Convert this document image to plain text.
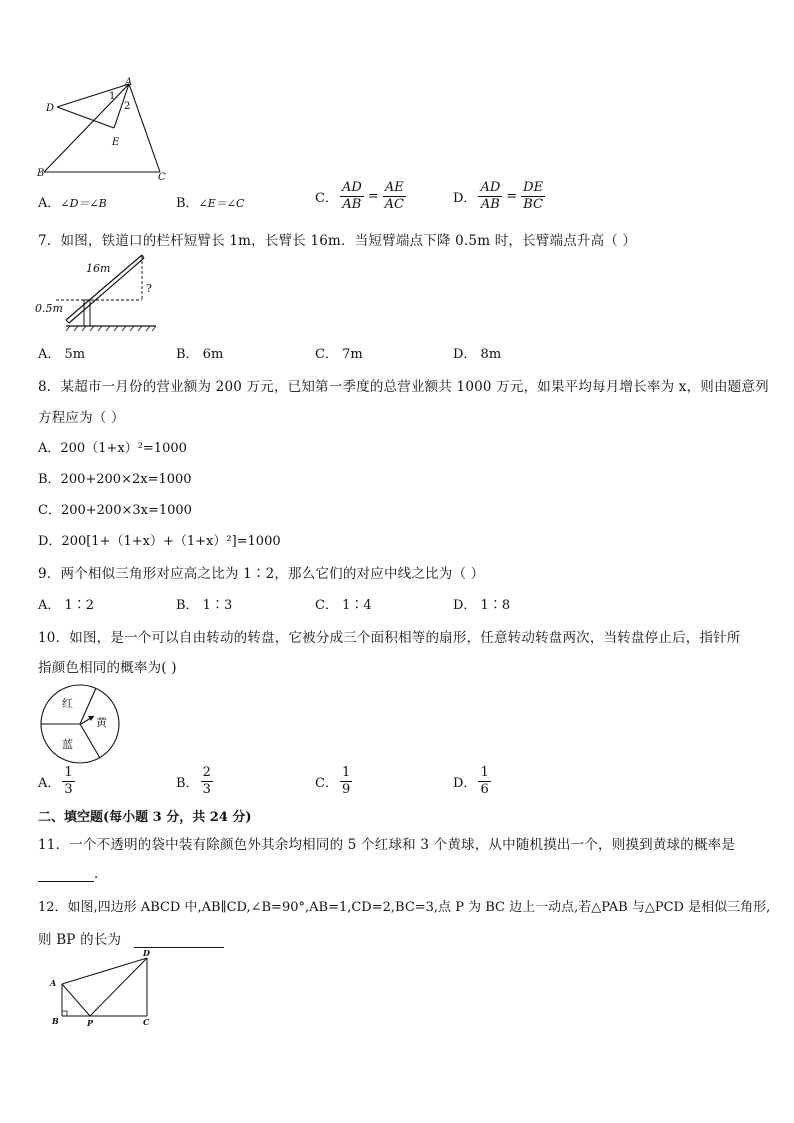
A
D
E
B	C
1
2
A．∠D＝∠B	B．∠E＝∠C	C． $\frac{AD}{AB} = \frac{AE}{AC}$	D． $\frac{AD}{AB} = \frac{DE}{BC}$
7．如图，铁道口的栏杆短臂长 1m，长臂长 16m．当短臂端点下降 0.5m 时，长臂端点升高（ ）
16m
0.5m
?
A． 5m	B． 6m	C． 7m	D． 8m
8．某超市一月份的营业额为 200 万元，已知第一季度的总营业额共 1000 万元，如果平均每月增长率为 x，则由题意列
方程应为（ ）
A．200（1+x）²=1000
B．200+200×2x=1000
C．200+200×3x=1000
D．200[1+（1+x）+（1+x）²]=1000
9．两个相似三角形对应高之比为 1∶2，那么它们的对应中线之比为（ ）
A． 1∶2	B． 1∶3	C． 1∶4	D． 1∶8
10．如图，是一个可以自由转动的转盘，它被分成三个面积相等的扇形，任意转动转盘两次，当转盘停止后，指针所
指颜色相同的概率为( )
红
黄
蓝
A． $\frac{1}{3}$	B． $\frac{2}{3}$	C． $\frac{1}{9}$	D． $\frac{1}{6}$
二、填空题(每小题 3 分，共 24 分)
11．一个不透明的袋中装有除颜色外其余均相同的 5 个红球和 3 个黄球，从中随机摸出一个，则摸到黄球的概率是
．
12．如图,四边形 ABCD 中,AB∥CD,∠B=90°,AB=1,CD=2,BC=3,点 P 为 BC 边上一动点,若△PAB 与△PCD 是相似三角形,
则 BP 的长为
A
B	P	C
D
